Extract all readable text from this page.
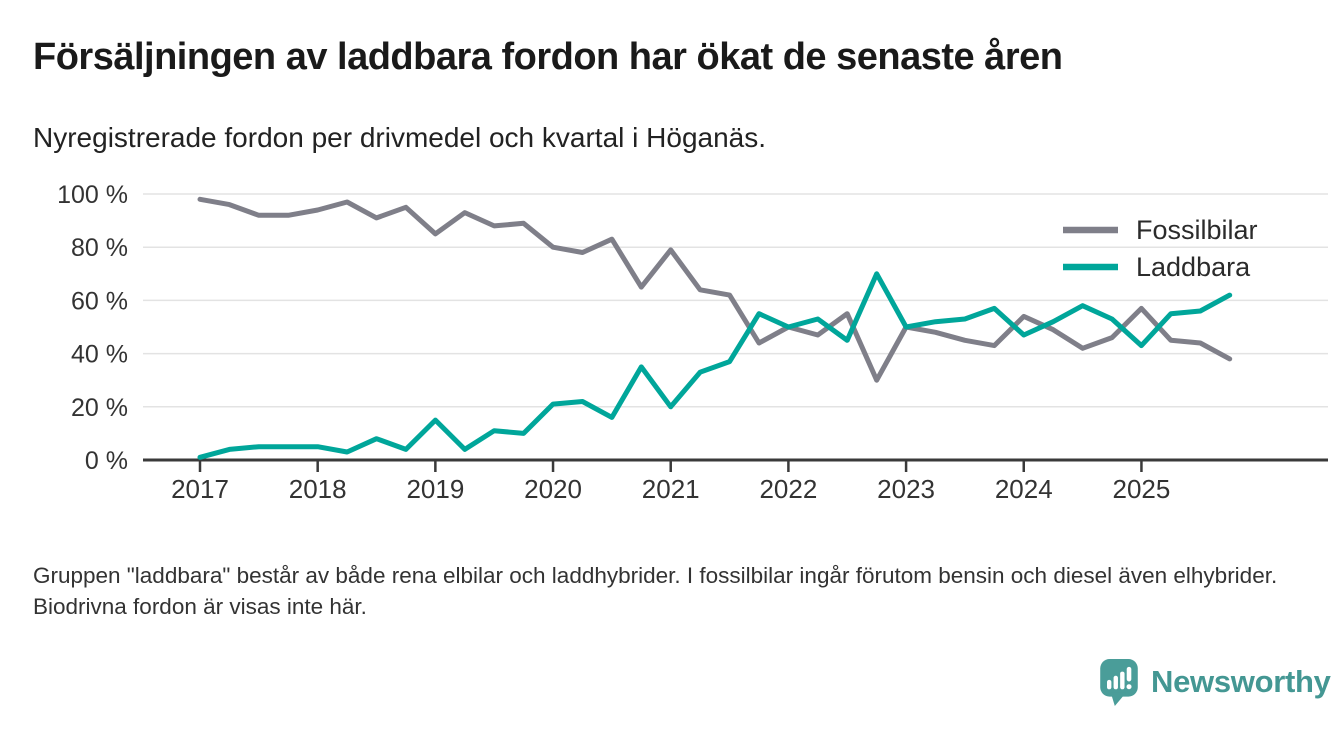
Försäljningen av laddbara fordon har ökat de senaste åren
Nyregistrerade fordon per drivmedel och kvartal i Höganäs.
0 %
20 %
40 %
60 %
80 %
100 %
2017 2018 2019 2020 2021 2022 2023 2024 2025
Fossilbilar
Laddbara
Gruppen "laddbara" består av både rena elbilar och laddhybrider. I fossilbilar ingår förutom bensin och diesel även elhybrider. Biodrivna fordon är visas inte här.
Newsworthy
